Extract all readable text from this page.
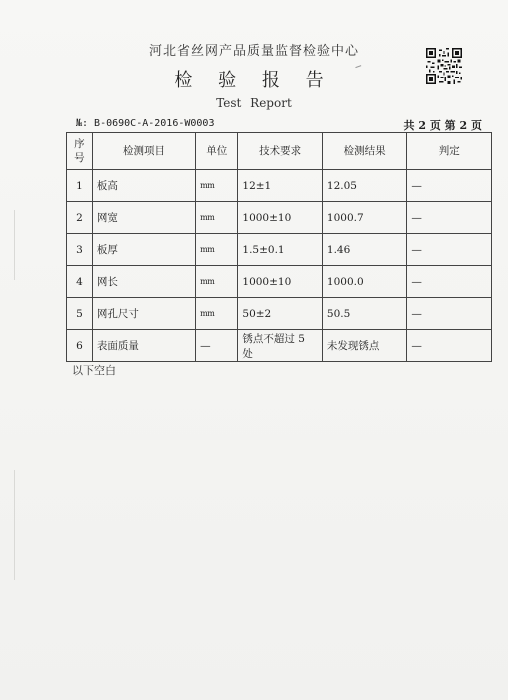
河北省丝网产品质量监督检验中心
检 验 报 告
Test Report
№: B-0690C-A-2016-W0003	共 2 页 第 2 页
序号	检测项目	单位	技术要求	检测结果	判定
1	板高	mm	12±1	12.05	—
2	网宽	mm	1000±10	1000.7	—
3	板厚	mm	1.5±0.1	1.46	—
4	网长	mm	1000±10	1000.0	—
5	网孔尺寸	mm	50±2	50.5	—
6	表面质量	—	锈点不超过 5 处	未发现锈点	—
以下空白
